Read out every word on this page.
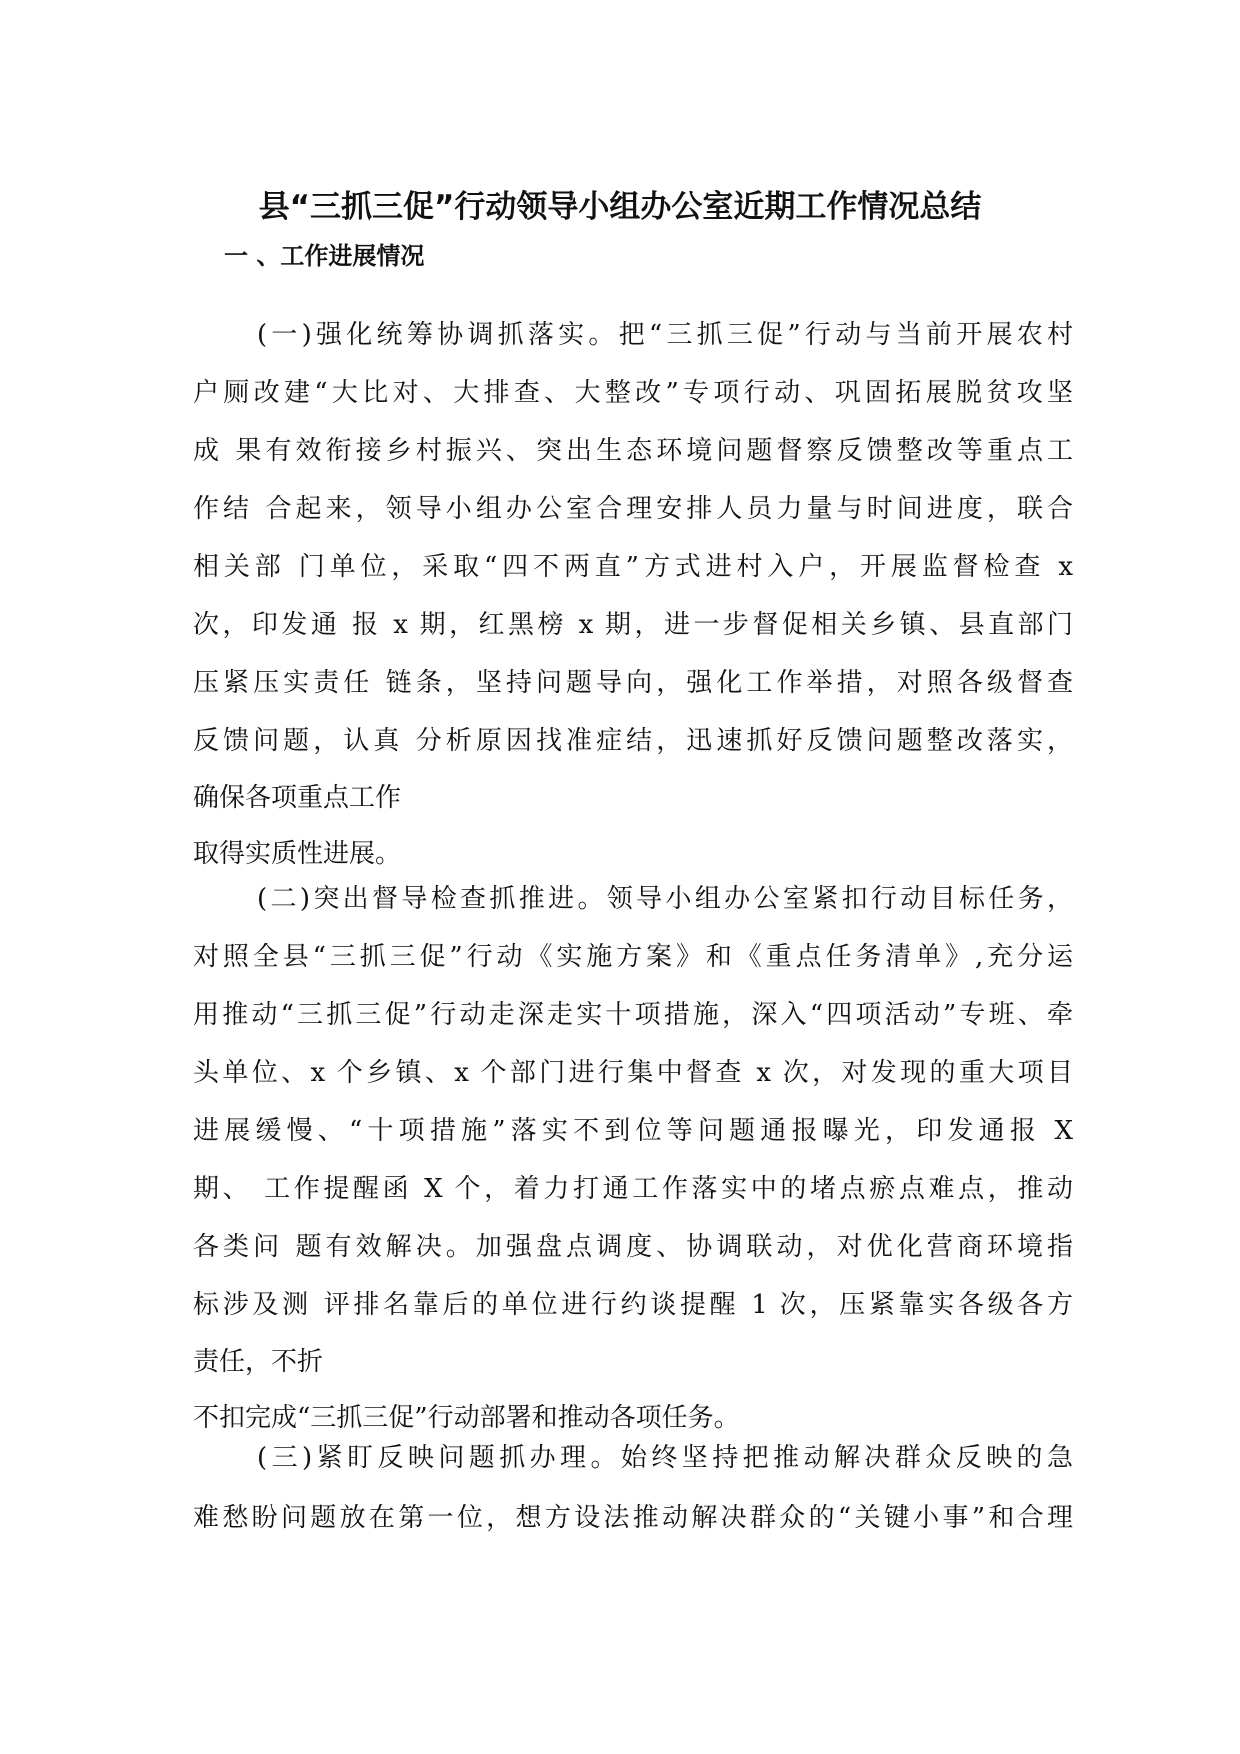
县“三抓三促”行动领导小组办公室近期工作情况总结
一 、工作进展情况
(一)强化统筹协调抓落实。把“三抓三促”行动与当前开展农村
户厕改建“大比对、大排查、大整改”专项行动、巩固拓展脱贫攻坚
成 果有效衔接乡村振兴、突出生态环境问题督察反馈整改等重点工
作结 合起来，领导小组办公室合理安排人员力量与时间进度，联合
相关部 门单位，采取“四不两直”方式进村入户，开展监督检查 x
次，印发通 报 x 期，红黑榜 x 期，进一步督促相关乡镇、县直部门
压紧压实责任 链条，坚持问题导向，强化工作举措，对照各级督查
反馈问题，认真 分析原因找准症结，迅速抓好反馈问题整改落实，
确保各项重点工作
取得实质性进展。
(二)突出督导检查抓推进。领导小组办公室紧扣行动目标任务，
对照全县“三抓三促”行动《实施方案》和《重点任务清单》,充分运
用推动“三抓三促”行动走深走实十项措施，深入“四项活动”专班、牵
头单位、x 个乡镇、x 个部门进行集中督查 x 次，对发现的重大项目
进展缓慢、“十项措施”落实不到位等问题通报曝光，印发通报 X
期、 工作提醒函 X 个，着力打通工作落实中的堵点瘀点难点，推动
各类问 题有效解决。加强盘点调度、协调联动，对优化营商环境指
标涉及测 评排名靠后的单位进行约谈提醒 1 次，压紧靠实各级各方
责任，不折
不扣完成“三抓三促”行动部署和推动各项任务。
(三)紧盯反映问题抓办理。始终坚持把推动解决群众反映的急
难愁盼问题放在第一位，想方设法推动解决群众的“关键小事”和合理
